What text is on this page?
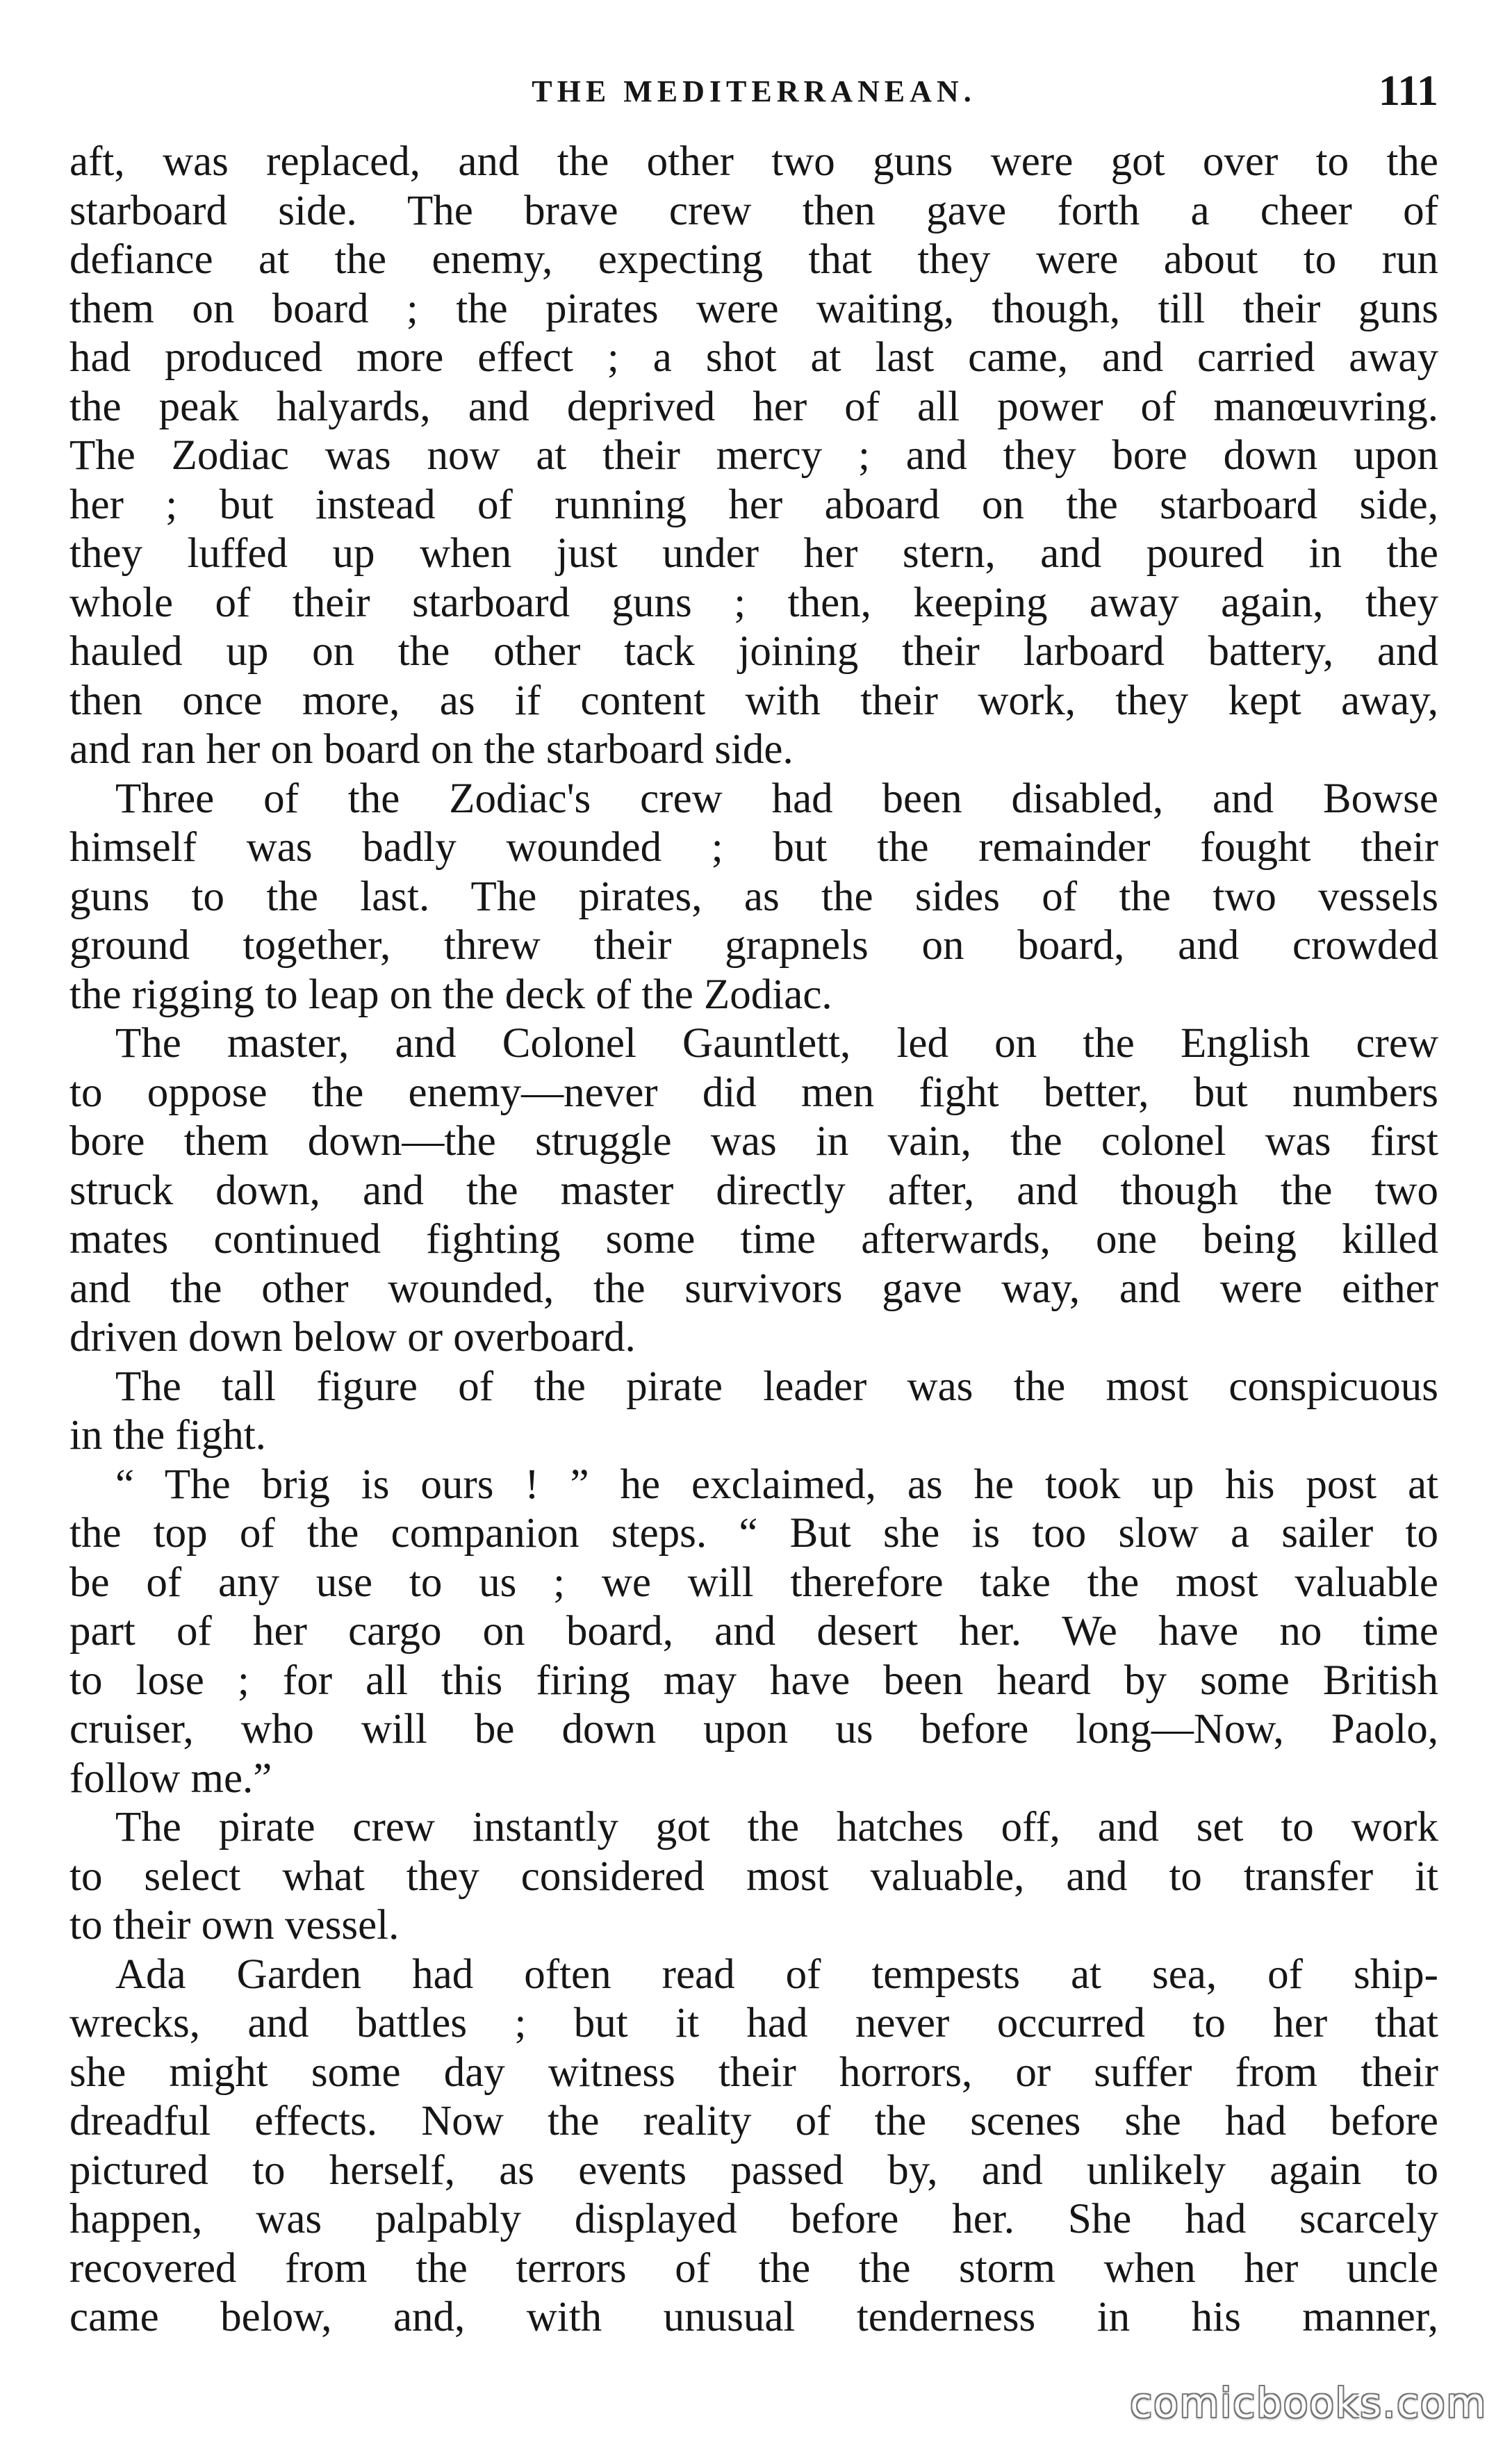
THE MEDITERRANEAN.	111
aft, was replaced, and the other two guns were got over to the
starboard side. The brave crew then gave forth a cheer of
defiance at the enemy, expecting that they were about to run
them on board ; the pirates were waiting, though, till their guns
had produced more effect ; a shot at last came, and carried away
the peak halyards, and deprived her of all power of manœuvring.
The Zodiac was now at their mercy ; and they bore down upon
her ; but instead of running her aboard on the starboard side,
they luffed up when just under her stern, and poured in the
whole of their starboard guns ; then, keeping away again, they
hauled up on the other tack joining their larboard battery, and
then once more, as if content with their work, they kept away,
and ran her on board on the starboard side.
Three of the Zodiac's crew had been disabled, and Bowse
himself was badly wounded ; but the remainder fought their
guns to the last. The pirates, as the sides of the two vessels
ground together, threw their grapnels on board, and crowded
the rigging to leap on the deck of the Zodiac.
The master, and Colonel Gauntlett, led on the English crew
to oppose the enemy—never did men fight better, but numbers
bore them down—the struggle was in vain, the colonel was first
struck down, and the master directly after, and though the two
mates continued fighting some time afterwards, one being killed
and the other wounded, the survivors gave way, and were either
driven down below or overboard.
The tall figure of the pirate leader was the most conspicuous
in the fight.
“ The brig is ours ! ” he exclaimed, as he took up his post at
the top of the companion steps. “ But she is too slow a sailer to
be of any use to us ; we will therefore take the most valuable
part of her cargo on board, and desert her. We have no time
to lose ; for all this firing may have been heard by some British
cruiser, who will be down upon us before long—Now, Paolo,
follow me.”
The pirate crew instantly got the hatches off, and set to work
to select what they considered most valuable, and to transfer it
to their own vessel.
Ada Garden had often read of tempests at sea, of ship-
wrecks, and battles ; but it had never occurred to her that
she might some day witness their horrors, or suffer from their
dreadful effects. Now the reality of the scenes she had before
pictured to herself, as events passed by, and unlikely again to
happen, was palpably displayed before her. She had scarcely
recovered from the terrors of the the storm when her uncle
came below, and, with unusual tenderness in his manner,
comicbooks.com
